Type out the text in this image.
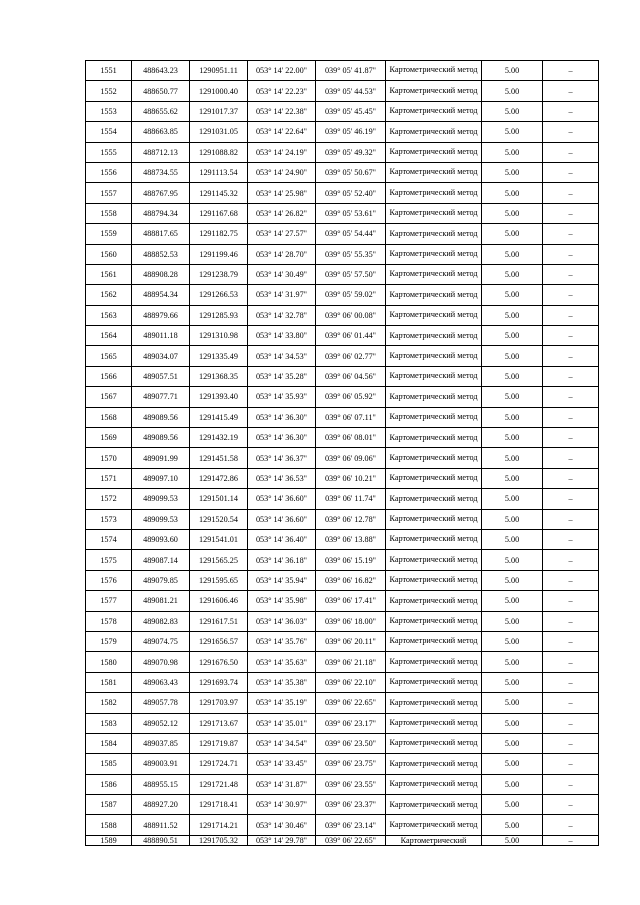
1551	488643.23	1290951.11	053° 14' 22.00"	039° 05' 41.87"	Картометрический метод	5.00	–
1552	488650.77	1291000.40	053° 14' 22.23"	039° 05' 44.53"	Картометрический метод	5.00	–
1553	488655.62	1291017.37	053° 14' 22.38"	039° 05' 45.45"	Картометрический метод	5.00	–
1554	488663.85	1291031.05	053° 14' 22.64"	039° 05' 46.19"	Картометрический метод	5.00	–
1555	488712.13	1291088.82	053° 14' 24.19"	039° 05' 49.32"	Картометрический метод	5.00	–
1556	488734.55	1291113.54	053° 14' 24.90"	039° 05' 50.67"	Картометрический метод	5.00	–
1557	488767.95	1291145.32	053° 14' 25.98"	039° 05' 52.40"	Картометрический метод	5.00	–
1558	488794.34	1291167.68	053° 14' 26.82"	039° 05' 53.61"	Картометрический метод	5.00	–
1559	488817.65	1291182.75	053° 14' 27.57"	039° 05' 54.44"	Картометрический метод	5.00	–
1560	488852.53	1291199.46	053° 14' 28.70"	039° 05' 55.35"	Картометрический метод	5.00	–
1561	488908.28	1291238.79	053° 14' 30.49"	039° 05' 57.50"	Картометрический метод	5.00	–
1562	488954.34	1291266.53	053° 14' 31.97"	039° 05' 59.02"	Картометрический метод	5.00	–
1563	488979.66	1291285.93	053° 14' 32.78"	039° 06' 00.08"	Картометрический метод	5.00	–
1564	489011.18	1291310.98	053° 14' 33.80"	039° 06' 01.44"	Картометрический метод	5.00	–
1565	489034.07	1291335.49	053° 14' 34.53"	039° 06' 02.77"	Картометрический метод	5.00	–
1566	489057.51	1291368.35	053° 14' 35.28"	039° 06' 04.56"	Картометрический метод	5.00	–
1567	489077.71	1291393.40	053° 14' 35.93"	039° 06' 05.92"	Картометрический метод	5.00	–
1568	489089.56	1291415.49	053° 14' 36.30"	039° 06' 07.11"	Картометрический метод	5.00	–
1569	489089.56	1291432.19	053° 14' 36.30"	039° 06' 08.01"	Картометрический метод	5.00	–
1570	489091.99	1291451.58	053° 14' 36.37"	039° 06' 09.06"	Картометрический метод	5.00	–
1571	489097.10	1291472.86	053° 14' 36.53"	039° 06' 10.21"	Картометрический метод	5.00	–
1572	489099.53	1291501.14	053° 14' 36.60"	039° 06' 11.74"	Картометрический метод	5.00	–
1573	489099.53	1291520.54	053° 14' 36.60"	039° 06' 12.78"	Картометрический метод	5.00	–
1574	489093.60	1291541.01	053° 14' 36.40"	039° 06' 13.88"	Картометрический метод	5.00	–
1575	489087.14	1291565.25	053° 14' 36.18"	039° 06' 15.19"	Картометрический метод	5.00	–
1576	489079.85	1291595.65	053° 14' 35.94"	039° 06' 16.82"	Картометрический метод	5.00	–
1577	489081.21	1291606.46	053° 14' 35.98"	039° 06' 17.41"	Картометрический метод	5.00	–
1578	489082.83	1291617.51	053° 14' 36.03"	039° 06' 18.00"	Картометрический метод	5.00	–
1579	489074.75	1291656.57	053° 14' 35.76"	039° 06' 20.11"	Картометрический метод	5.00	–
1580	489070.98	1291676.50	053° 14' 35.63"	039° 06' 21.18"	Картометрический метод	5.00	–
1581	489063.43	1291693.74	053° 14' 35.38"	039° 06' 22.10"	Картометрический метод	5.00	–
1582	489057.78	1291703.97	053° 14' 35.19"	039° 06' 22.65"	Картометрический метод	5.00	–
1583	489052.12	1291713.67	053° 14' 35.01"	039° 06' 23.17"	Картометрический метод	5.00	–
1584	489037.85	1291719.87	053° 14' 34.54"	039° 06' 23.50"	Картометрический метод	5.00	–
1585	489003.91	1291724.71	053° 14' 33.45"	039° 06' 23.75"	Картометрический метод	5.00	–
1586	488955.15	1291721.48	053° 14' 31.87"	039° 06' 23.55"	Картометрический метод	5.00	–
1587	488927.20	1291718.41	053° 14' 30.97"	039° 06' 23.37"	Картометрический метод	5.00	–
1588	488911.52	1291714.21	053° 14' 30.46"	039° 06' 23.14"	Картометрический метод	5.00	–
1589	488890.51	1291705.32	053° 14' 29.78"	039° 06' 22.65"	Картометрический	5.00	–
